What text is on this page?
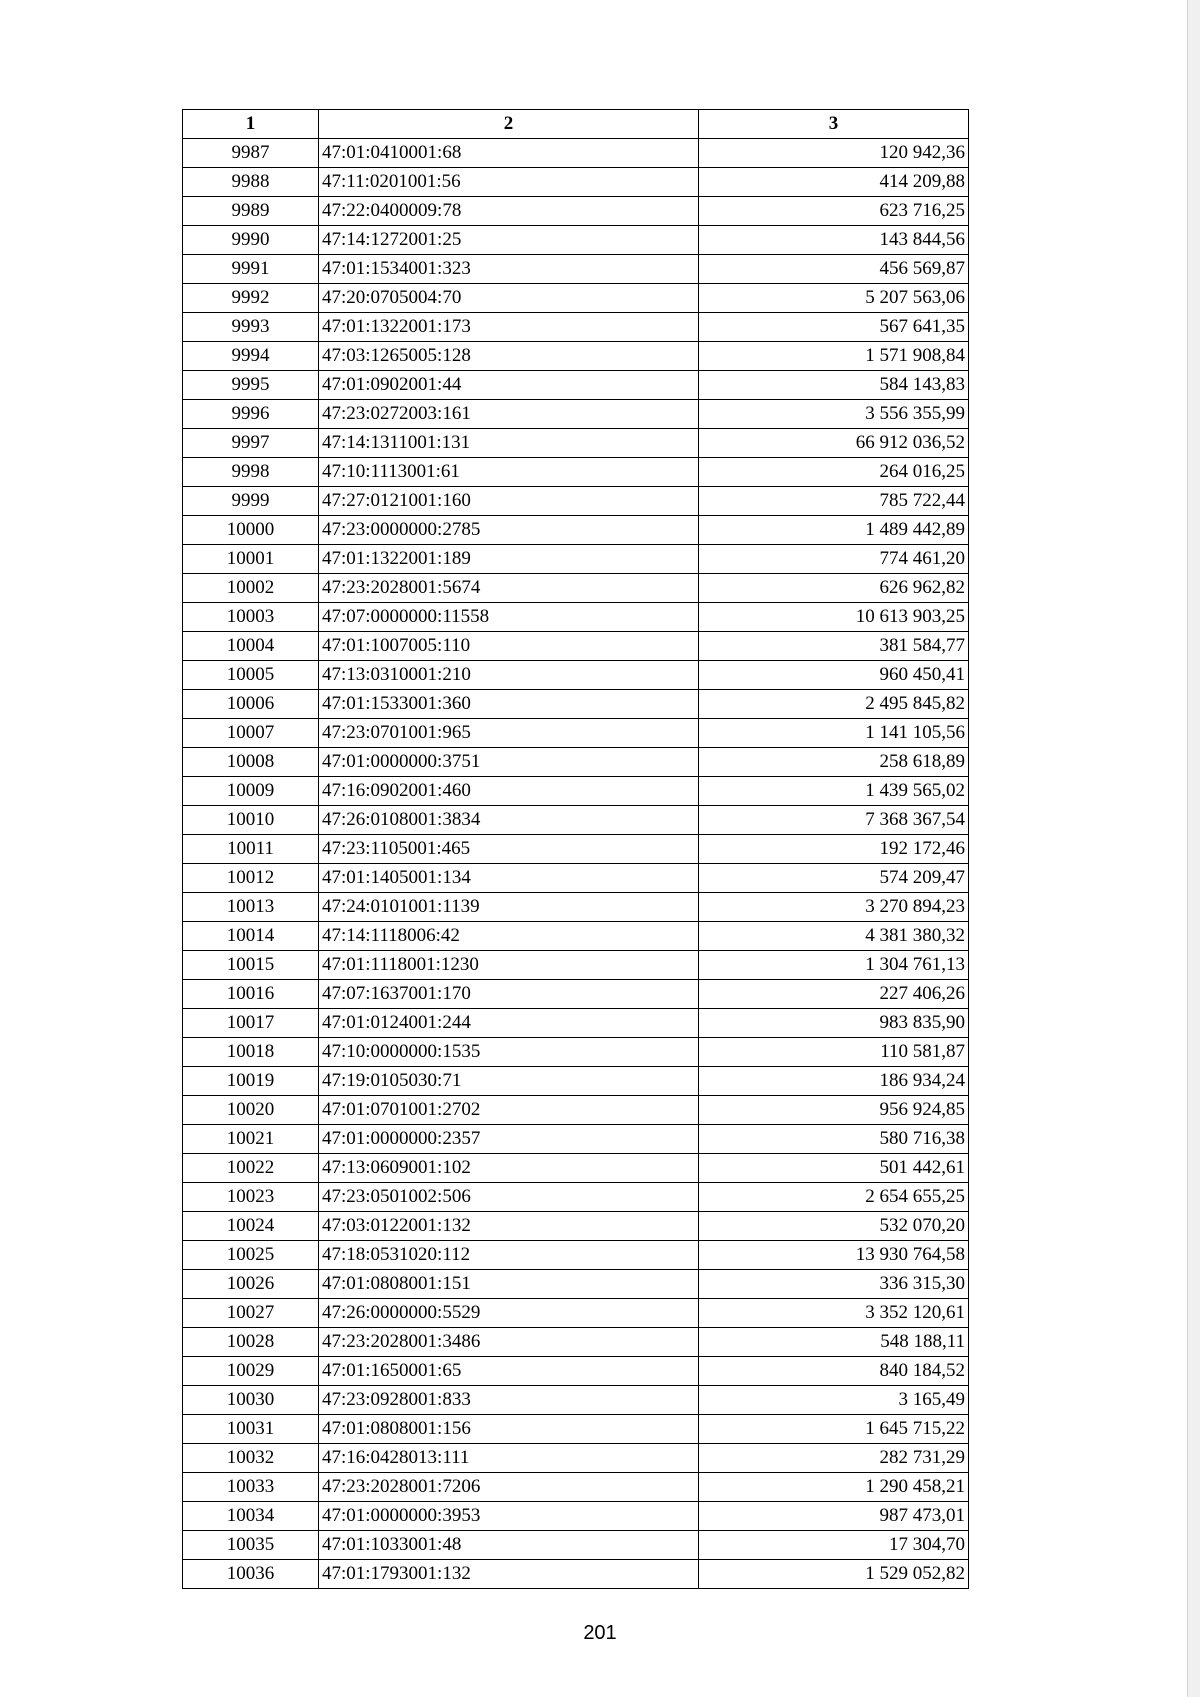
1	2	3
9987	47:01:0410001:68	120 942,36
9988	47:11:0201001:56	414 209,88
9989	47:22:0400009:78	623 716,25
9990	47:14:1272001:25	143 844,56
9991	47:01:1534001:323	456 569,87
9992	47:20:0705004:70	5 207 563,06
9993	47:01:1322001:173	567 641,35
9994	47:03:1265005:128	1 571 908,84
9995	47:01:0902001:44	584 143,83
9996	47:23:0272003:161	3 556 355,99
9997	47:14:1311001:131	66 912 036,52
9998	47:10:1113001:61	264 016,25
9999	47:27:0121001:160	785 722,44
10000	47:23:0000000:2785	1 489 442,89
10001	47:01:1322001:189	774 461,20
10002	47:23:2028001:5674	626 962,82
10003	47:07:0000000:11558	10 613 903,25
10004	47:01:1007005:110	381 584,77
10005	47:13:0310001:210	960 450,41
10006	47:01:1533001:360	2 495 845,82
10007	47:23:0701001:965	1 141 105,56
10008	47:01:0000000:3751	258 618,89
10009	47:16:0902001:460	1 439 565,02
10010	47:26:0108001:3834	7 368 367,54
10011	47:23:1105001:465	192 172,46
10012	47:01:1405001:134	574 209,47
10013	47:24:0101001:1139	3 270 894,23
10014	47:14:1118006:42	4 381 380,32
10015	47:01:1118001:1230	1 304 761,13
10016	47:07:1637001:170	227 406,26
10017	47:01:0124001:244	983 835,90
10018	47:10:0000000:1535	110 581,87
10019	47:19:0105030:71	186 934,24
10020	47:01:0701001:2702	956 924,85
10021	47:01:0000000:2357	580 716,38
10022	47:13:0609001:102	501 442,61
10023	47:23:0501002:506	2 654 655,25
10024	47:03:0122001:132	532 070,20
10025	47:18:0531020:112	13 930 764,58
10026	47:01:0808001:151	336 315,30
10027	47:26:0000000:5529	3 352 120,61
10028	47:23:2028001:3486	548 188,11
10029	47:01:1650001:65	840 184,52
10030	47:23:0928001:833	3 165,49
10031	47:01:0808001:156	1 645 715,22
10032	47:16:0428013:111	282 731,29
10033	47:23:2028001:7206	1 290 458,21
10034	47:01:0000000:3953	987 473,01
10035	47:01:1033001:48	17 304,70
10036	47:01:1793001:132	1 529 052,82
201
